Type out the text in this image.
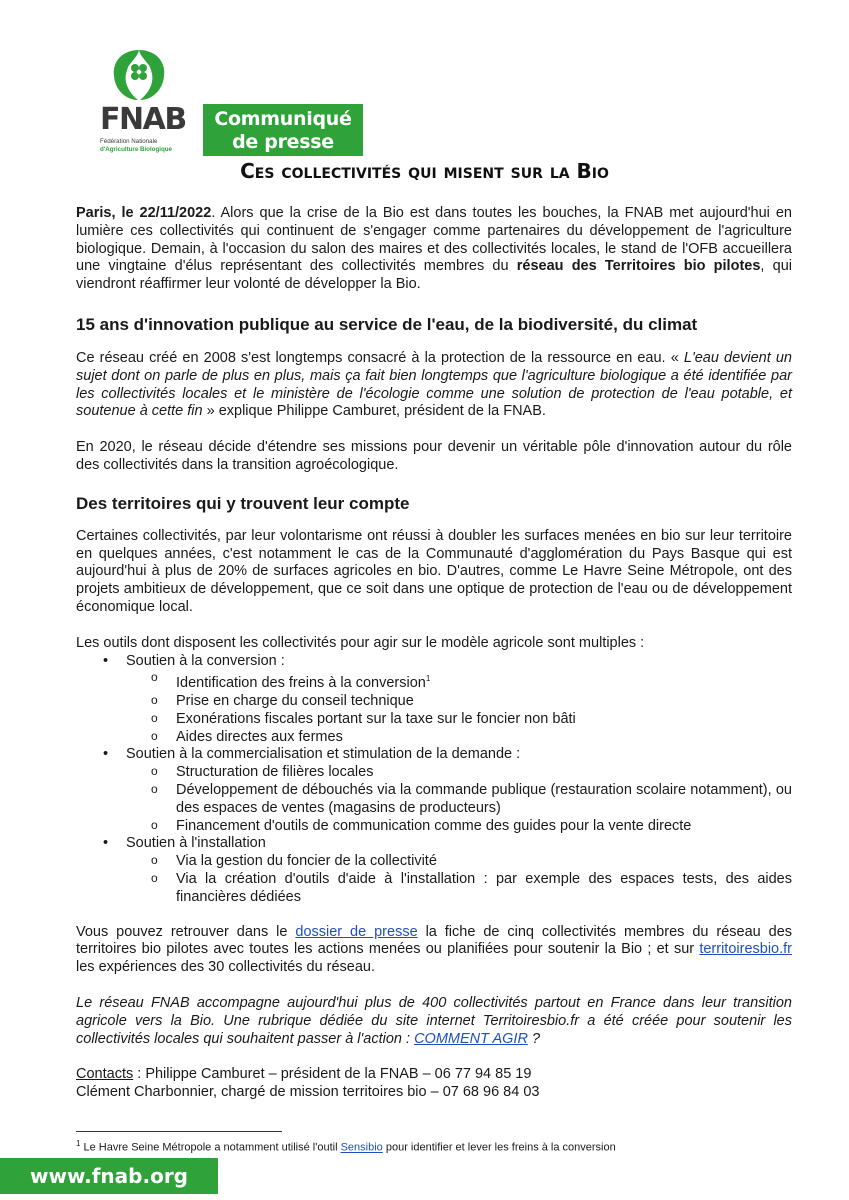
FNAB
Fédération Nationale
d'Agriculture Biologique
Communiqué
de presse
Ces collectivités qui misent sur la Bio

Paris, le 22/11/2022. Alors que la crise de la Bio est dans toutes les bouches, la FNAB met aujourd'hui en lumière ces collectivités qui continuent de s'engager comme partenaires du développement de l'agriculture biologique. Demain, à l'occasion du salon des maires et des collectivités locales, le stand de l'OFB accueillera une vingtaine d'élus représentant des collectivités membres du réseau des Territoires bio pilotes, qui viendront réaffirmer leur volonté de développer la Bio.

15 ans d'innovation publique au service de l'eau, de la biodiversité, du climat

Ce réseau créé en 2008 s'est longtemps consacré à la protection de la ressource en eau. « L'eau devient un sujet dont on parle de plus en plus, mais ça fait bien longtemps que l'agriculture biologique a été identifiée par les collectivités locales et le ministère de l'écologie comme une solution de protection de l'eau potable, et soutenue à cette fin » explique Philippe Camburet, président de la FNAB.

En 2020, le réseau décide d'étendre ses missions pour devenir un véritable pôle d'innovation autour du rôle des collectivités dans la transition agroécologique.

Des territoires qui y trouvent leur compte

Certaines collectivités, par leur volontarisme ont réussi à doubler les surfaces menées en bio sur leur territoire en quelques années, c'est notamment le cas de la Communauté d'agglomération du Pays Basque qui est aujourd'hui à plus de 20% de surfaces agricoles en bio. D'autres, comme Le Havre Seine Métropole, ont des projets ambitieux de développement, que ce soit dans une optique de protection de l'eau ou de développement économique local.

Les outils dont disposent les collectivités pour agir sur le modèle agricole sont multiples :

• Soutien à la conversion :
o Identification des freins à la conversion$^1$
o Prise en charge du conseil technique
o Exonérations fiscales portant sur la taxe sur le foncier non bâti
o Aides directes aux fermes
• Soutien à la commercialisation et stimulation de la demande :
o Structuration de filières locales
o Développement de débouchés via la commande publique (restauration scolaire notamment), ou des espaces de ventes (magasins de producteurs)
o Financement d'outils de communication comme des guides pour la vente directe
• Soutien à l'installation
o Via la gestion du foncier de la collectivité
o Via la création d'outils d'aide à l'installation : par exemple des espaces tests, des aides financières dédiées

Vous pouvez retrouver dans le dossier de presse la fiche de cinq collectivités membres du réseau des territoires bio pilotes avec toutes les actions menées ou planifiées pour soutenir la Bio ; et sur territoiresbio.fr les expériences des 30 collectivités du réseau.

Le réseau FNAB accompagne aujourd'hui plus de 400 collectivités partout en France dans leur transition agricole vers la Bio. Une rubrique dédiée du site internet Territoiresbio.fr a été créée pour soutenir les collectivités locales qui souhaitent passer à l'action : COMMENT AGIR ?

Contacts : Philippe Camburet – président de la FNAB – 06 77 94 85 19
Clément Charbonnier, chargé de mission territoires bio – 07 68 96 84 03

$^1$ Le Havre Seine Métropole a notamment utilisé l'outil Sensibio pour identifier et lever les freins à la conversion
www.fnab.org
